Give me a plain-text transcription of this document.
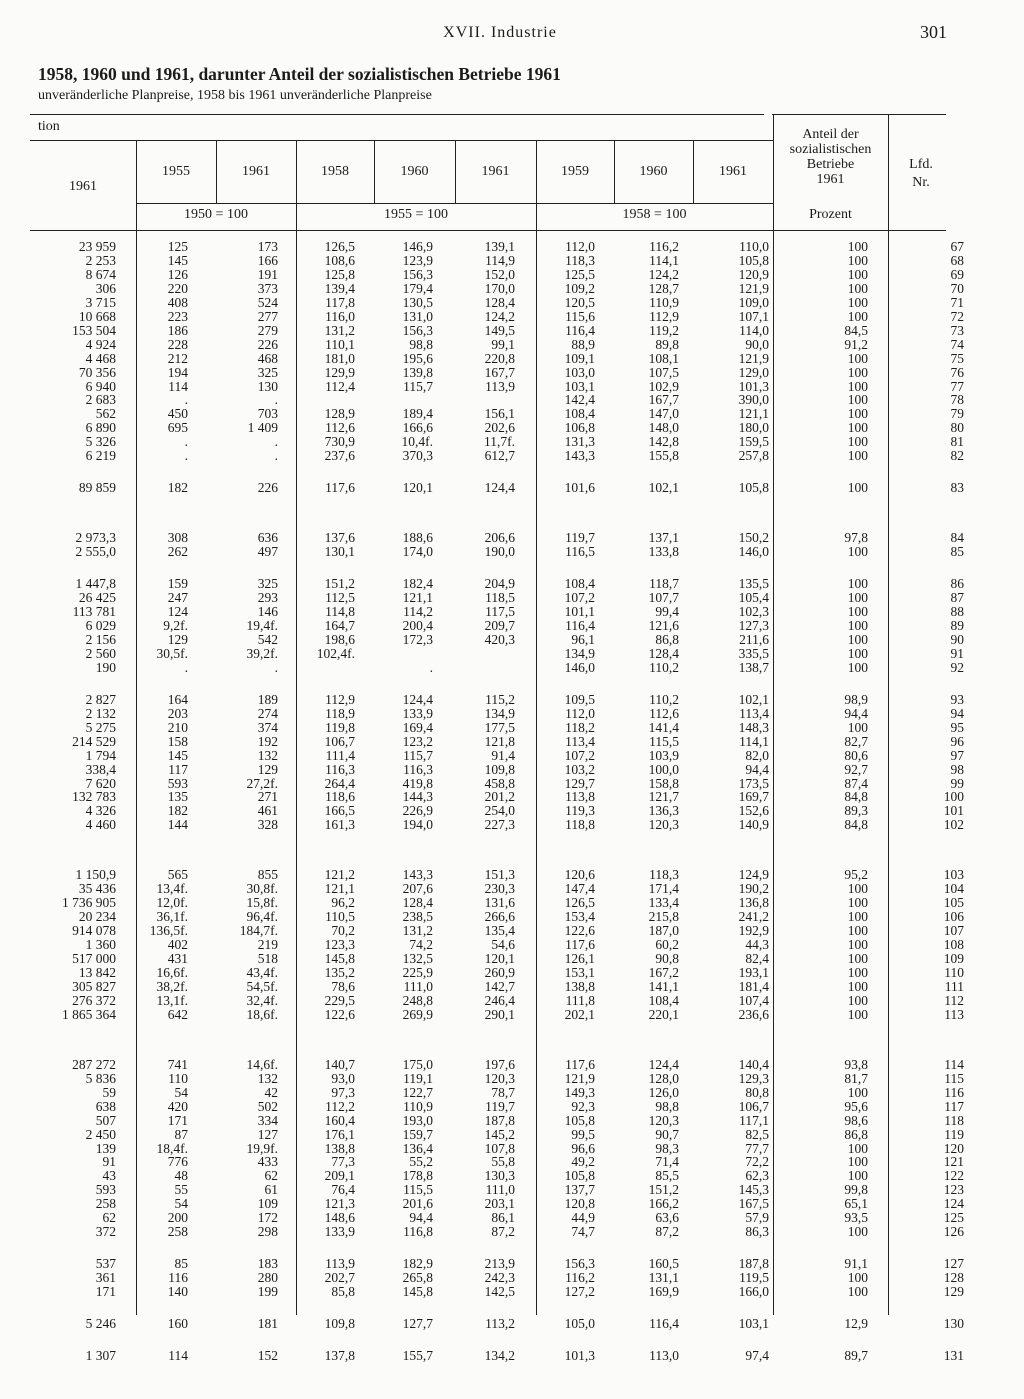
XVII. Industrie	301
1958, 1960 und 1961, darunter Anteil der sozialistischen Betriebe 1961
unveränderliche Planpreise, 1958 bis 1961 unveränderliche Planpreise
tion
1961
1955	1961
1950 = 100
1958	1960	1961
1955 = 100
1959	1960	1961
1958 = 100
Anteil der
sozialistischen
Betriebe
1961
Prozent
Lfd.
Nr.
23 959	125	173	126,5	146,9	139,1	112,0	116,2	110,0	100	67
2 253	145	166	108,6	123,9	114,9	118,3	114,1	105,8	100	68
8 674	126	191	125,8	156,3	152,0	125,5	124,2	120,9	100	69
306	220	373	139,4	179,4	170,0	109,2	128,7	121,9	100	70
3 715	408	524	117,8	130,5	128,4	120,5	110,9	109,0	100	71
10 668	223	277	116,0	131,0	124,2	115,6	112,9	107,1	100	72
153 504	186	279	131,2	156,3	149,5	116,4	119,2	114,0	84,5	73
4 924	228	226	110,1	98,8	99,1	88,9	89,8	90,0	91,2	74
4 468	212	468	181,0	195,6	220,8	109,1	108,1	121,9	100	75
70 356	194	325	129,9	139,8	167,7	103,0	107,5	129,0	100	76
6 940	114	130	112,4	115,7	113,9	103,1	102,9	101,3	100	77
2 683	.	.				142,4	167,7	390,0	100	78
562	450	703	128,9	189,4	156,1	108,4	147,0	121,1	100	79
6 890	695	1 409	112,6	166,6	202,6	106,8	148,0	180,0	100	80
5 326	.	.	730,9	10,4f.	11,7f.	131,3	142,8	159,5	100	81
6 219	.	.	237,6	370,3	612,7	143,3	155,8	257,8	100	82

89 859	182	226	117,6	120,1	124,4	101,6	102,1	105,8	100	83

2 973,3	308	636	137,6	188,6	206,6	119,7	137,1	150,2	97,8	84
2 555,0	262	497	130,1	174,0	190,0	116,5	133,8	146,0	100	85

1 447,8	159	325	151,2	182,4	204,9	108,4	118,7	135,5	100	86
26 425	247	293	112,5	121,1	118,5	107,2	107,7	105,4	100	87
113 781	124	146	114,8	114,2	117,5	101,1	99,4	102,3	100	88
6 029	9,2f.	19,4f.	164,7	200,4	209,7	116,4	121,6	127,3	100	89
2 156	129	542	198,6	172,3	420,3	96,1	86,8	211,6	100	90
2 560	30,5f.	39,2f.	102,4f.			134,9	128,4	335,5	100	91
190	.	.		.		146,0	110,2	138,7	100	92

2 827	164	189	112,9	124,4	115,2	109,5	110,2	102,1	98,9	93
2 132	203	274	118,9	133,9	134,9	112,0	112,6	113,4	94,4	94
5 275	210	374	119,8	169,4	177,5	118,2	141,4	148,3	100	95
214 529	158	192	106,7	123,2	121,8	113,4	115,5	114,1	82,7	96
1 794	145	132	111,4	115,7	91,4	107,2	103,9	82,0	80,6	97
338,4	117	129	116,3	116,3	109,8	103,2	100,0	94,4	92,7	98
7 620	593	27,2f.	264,4	419,8	458,8	129,7	158,8	173,5	87,4	99
132 783	135	271	118,6	144,3	201,2	113,8	121,7	169,7	84,8	100
4 326	182	461	166,5	226,9	254,0	119,3	136,3	152,6	89,3	101
4 460	144	328	161,3	194,0	227,3	118,8	120,3	140,9	84,8	102

1 150,9	565	855	121,2	143,3	151,3	120,6	118,3	124,9	95,2	103
35 436	13,4f.	30,8f.	121,1	207,6	230,3	147,4	171,4	190,2	100	104
1 736 905	12,0f.	15,8f.	96,2	128,4	131,6	126,5	133,4	136,8	100	105
20 234	36,1f.	96,4f.	110,5	238,5	266,6	153,4	215,8	241,2	100	106
914 078	136,5f.	184,7f.	70,2	131,2	135,4	122,6	187,0	192,9	100	107
1 360	402	219	123,3	74,2	54,6	117,6	60,2	44,3	100	108
517 000	431	518	145,8	132,5	120,1	126,1	90,8	82,4	100	109
13 842	16,6f.	43,4f.	135,2	225,9	260,9	153,1	167,2	193,1	100	110
305 827	38,2f.	54,5f.	78,6	111,0	142,7	138,8	141,1	181,4	100	111
276 372	13,1f.	32,4f.	229,5	248,8	246,4	111,8	108,4	107,4	100	112
1 865 364	642	18,6f.	122,6	269,9	290,1	202,1	220,1	236,6	100	113

287 272	741	14,6f.	140,7	175,0	197,6	117,6	124,4	140,4	93,8	114
5 836	110	132	93,0	119,1	120,3	121,9	128,0	129,3	81,7	115
59	54	42	97,3	122,7	78,7	149,3	126,0	80,8	100	116
638	420	502	112,2	110,9	119,7	92,3	98,8	106,7	95,6	117
507	171	334	160,4	193,0	187,8	105,8	120,3	117,1	98,6	118
2 450	87	127	176,1	159,7	145,2	99,5	90,7	82,5	86,8	119
139	18,4f.	19,9f.	138,8	136,4	107,8	96,6	98,3	77,7	100	120
91	776	433	77,3	55,2	55,8	49,2	71,4	72,2	100	121
43	48	62	209,1	178,8	130,3	105,8	85,5	62,3	100	122
593	55	61	76,4	115,5	111,0	137,7	151,2	145,3	99,8	123
258	54	109	121,3	201,6	203,1	120,8	166,2	167,5	65,1	124
62	200	172	148,6	94,4	86,1	44,9	63,6	57,9	93,5	125
372	258	298	133,9	116,8	87,2	74,7	87,2	86,3	100	126

537	85	183	113,9	182,9	213,9	156,3	160,5	187,8	91,1	127
361	116	280	202,7	265,8	242,3	116,2	131,1	119,5	100	128
171	140	199	85,8	145,8	142,5	127,2	169,9	166,0	100	129

5 246	160	181	109,8	127,7	113,2	105,0	116,4	103,1	12,9	130

1 307	114	152	137,8	155,7	134,2	101,3	113,0	97,4	89,7	131
